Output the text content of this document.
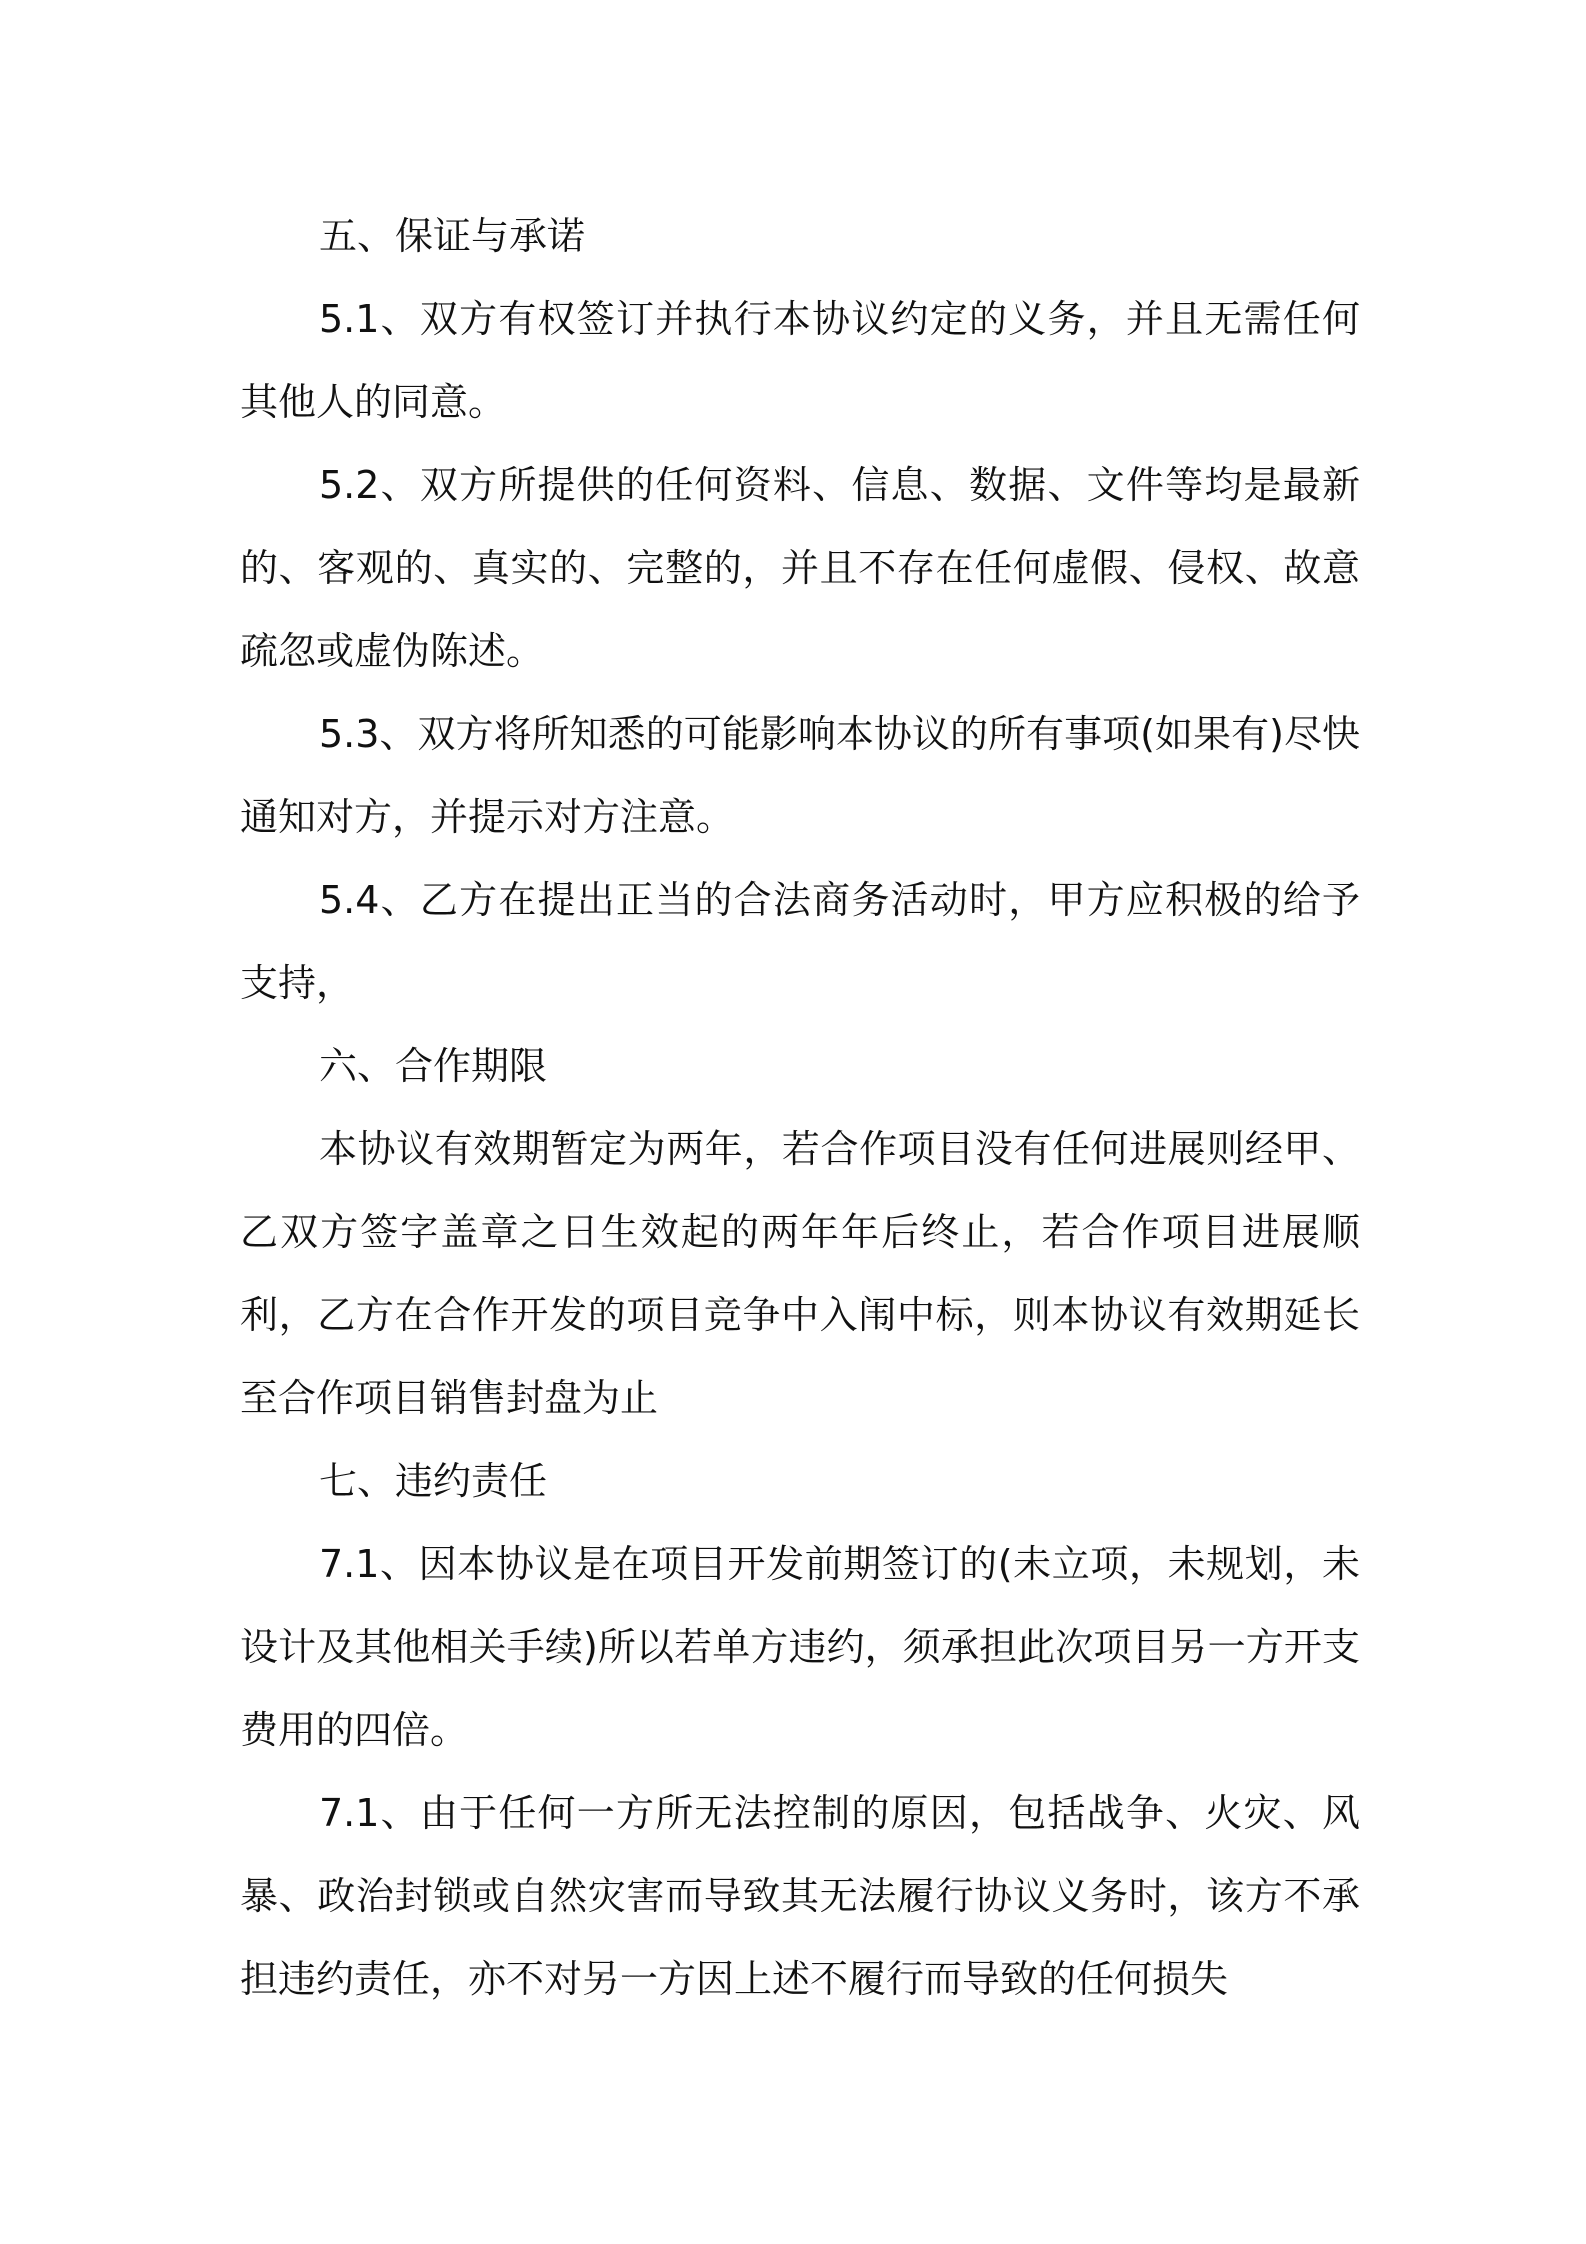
五、保证与承诺

5.1、双方有权签订并执行本协议约定的义务，并且无需任何其他人的同意。

5.2、双方所提供的任何资料、信息、数据、文件等均是最新的、客观的、真实的、完整的，并且不存在任何虚假、侵权、故意疏忽或虚伪陈述。

5.3、双方将所知悉的可能影响本协议的所有事项(如果有)尽快通知对方，并提示对方注意。

5.4、乙方在提出正当的合法商务活动时，甲方应积极的给予支持，

六、合作期限

本协议有效期暂定为两年，若合作项目没有任何进展则经甲、乙双方签字盖章之日生效起的两年年后终止，若合作项目进展顺利，乙方在合作开发的项目竞争中入闱中标，则本协议有效期延长至合作项目销售封盘为止

七、违约责任

7.1、因本协议是在项目开发前期签订的(未立项，未规划，未设计及其他相关手续)所以若单方违约，须承担此次项目另一方开支费用的四倍。

7.1、由于任何一方所无法控制的原因，包括战争、火灾、风暴、政治封锁或自然灾害而导致其无法履行协议义务时，该方不承担违约责任，亦不对另一方因上述不履行而导致的任何损失
